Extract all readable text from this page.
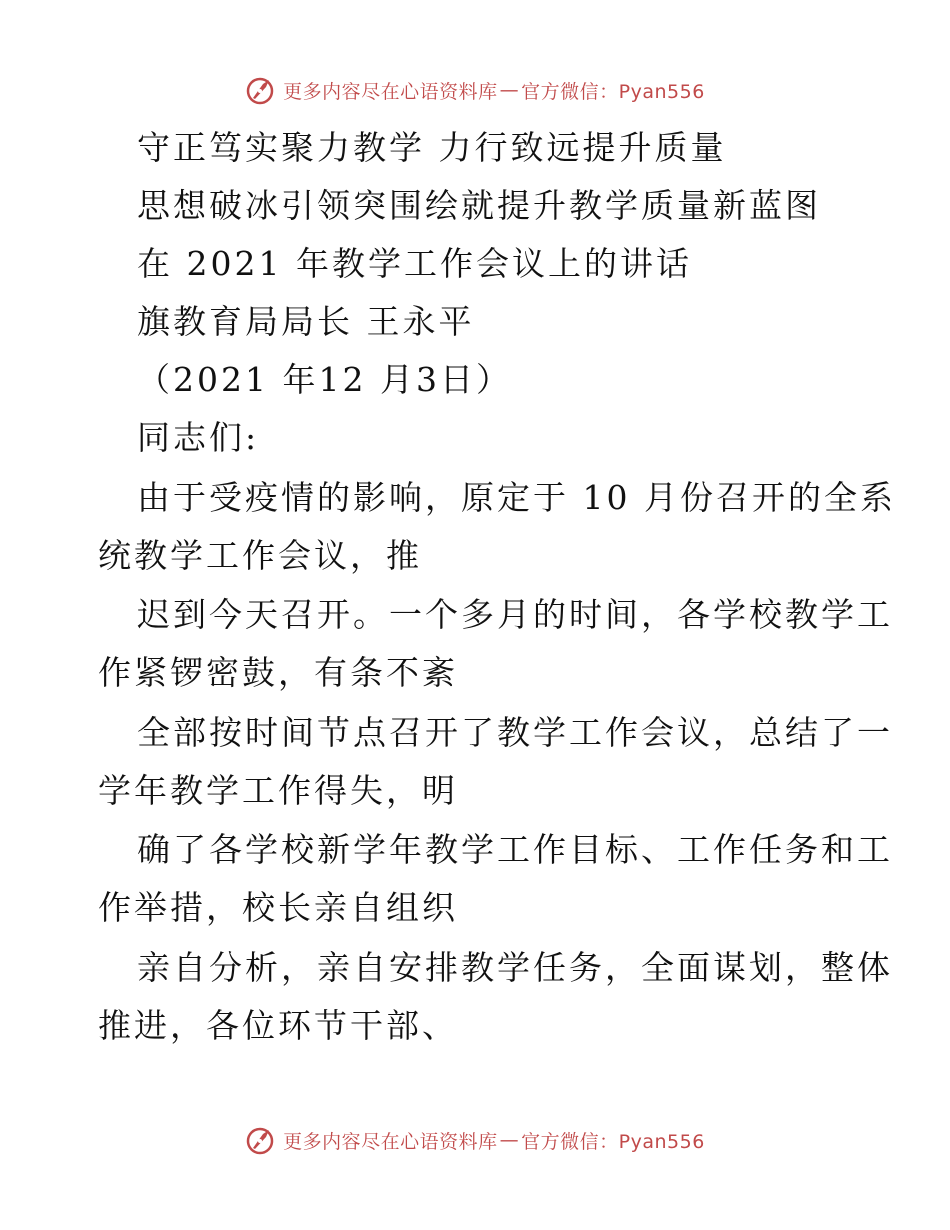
更多内容尽在心语资料库 — 官方微信：Pyan556
守正笃实聚力教学 力行致远提升质量
思想破冰引领突围绘就提升教学质量新蓝图
在 2021 年教学工作会议上的讲话
旗教育局局长 王永平
（2021 年12 月3日）
同志们:
由于受疫情的影响，原定于 10 月份召开的全系
统教学工作会议，推
迟到今天召开。一个多月的时间，各学校教学工
作紧锣密鼓，有条不紊
全部按时间节点召开了教学工作会议，总结了一
学年教学工作得失，明
确了各学校新学年教学工作目标、工作任务和工
作举措，校长亲自组织
亲自分析，亲自安排教学任务，全面谋划，整体
推进，各位环节干部、
更多内容尽在心语资料库 — 官方微信：Pyan556
